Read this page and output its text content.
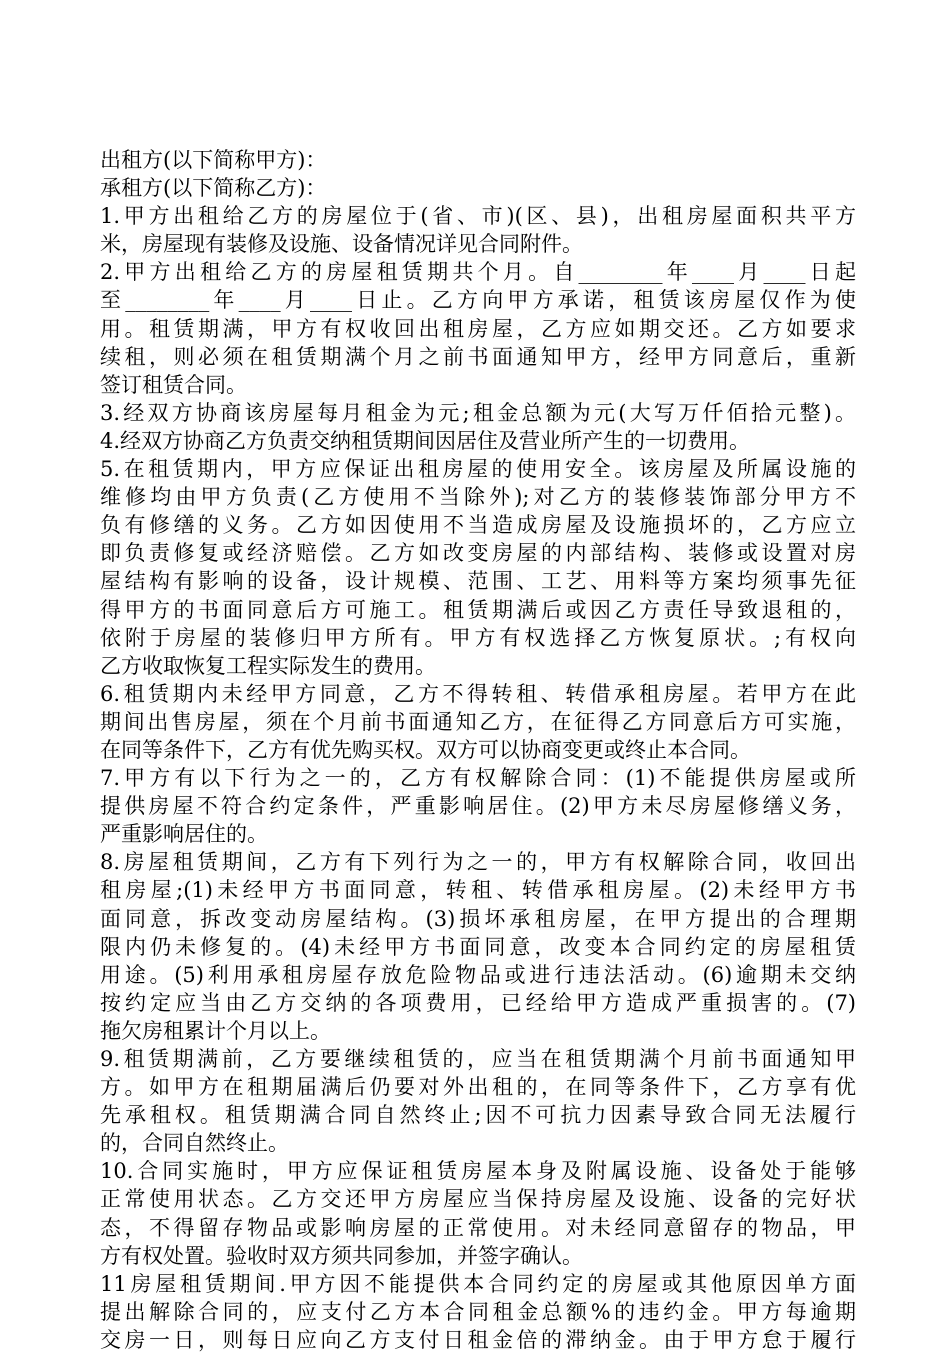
出租方(以下简称甲方)：
承租方(以下简称乙方)：
1.甲方出租给乙方的房屋位于(省、市)(区、县)，出租房屋面积共平方
米，房屋现有装修及设施、设备情况详见合同附件。
2.甲方出租给乙方的房屋租赁期共个月。自________年____月____日起
至________年____月____日止。乙方向甲方承诺，租赁该房屋仅作为使
用。租赁期满，甲方有权收回出租房屋，乙方应如期交还。乙方如要求
续租，则必须在租赁期满个月之前书面通知甲方，经甲方同意后，重新
签订租赁合同。
3.经双方协商该房屋每月租金为元;租金总额为元(大写万仟佰拾元整)。
4.经双方协商乙方负责交纳租赁期间因居住及营业所产生的一切费用。
5.在租赁期内，甲方应保证出租房屋的使用安全。该房屋及所属设施的
维修均由甲方负责(乙方使用不当除外);对乙方的装修装饰部分甲方不
负有修缮的义务。乙方如因使用不当造成房屋及设施损坏的，乙方应立
即负责修复或经济赔偿。乙方如改变房屋的内部结构、装修或设置对房
屋结构有影响的设备，设计规模、范围、工艺、用料等方案均须事先征
得甲方的书面同意后方可施工。租赁期满后或因乙方责任导致退租的，
依附于房屋的装修归甲方所有。甲方有权选择乙方恢复原状。;有权向
乙方收取恢复工程实际发生的费用。
6.租赁期内未经甲方同意，乙方不得转租、转借承租房屋。若甲方在此
期间出售房屋，须在个月前书面通知乙方，在征得乙方同意后方可实施，
在同等条件下，乙方有优先购买权。双方可以协商变更或终止本合同。
7.甲方有以下行为之一的，乙方有权解除合同：(1)不能提供房屋或所
提供房屋不符合约定条件，严重影响居住。(2)甲方未尽房屋修缮义务，
严重影响居住的。
8.房屋租赁期间，乙方有下列行为之一的，甲方有权解除合同，收回出
租房屋;(1)未经甲方书面同意，转租、转借承租房屋。(2)未经甲方书
面同意，拆改变动房屋结构。(3)损坏承租房屋，在甲方提出的合理期
限内仍未修复的。(4)未经甲方书面同意，改变本合同约定的房屋租赁
用途。(5)利用承租房屋存放危险物品或进行违法活动。(6)逾期未交纳
按约定应当由乙方交纳的各项费用，已经给甲方造成严重损害的。(7)
拖欠房租累计个月以上。
9.租赁期满前，乙方要继续租赁的，应当在租赁期满个月前书面通知甲
方。如甲方在租期届满后仍要对外出租的，在同等条件下，乙方享有优
先承租权。租赁期满合同自然终止;因不可抗力因素导致合同无法履行
的，合同自然终止。
10.合同实施时，甲方应保证租赁房屋本身及附属设施、设备处于能够
正常使用状态。乙方交还甲方房屋应当保持房屋及设施、设备的完好状
态，不得留存物品或影响房屋的正常使用。对未经同意留存的物品，甲
方有权处置。验收时双方须共同参加，并签字确认。
11房屋租赁期间.甲方因不能提供本合同约定的房屋或其他原因单方面
提出解除合同的，应支付乙方本合同租金总额%的违约金。甲方每逾期
交房一日，则每日应向乙方支付日租金倍的滞纳金。由于甲方怠于履行
